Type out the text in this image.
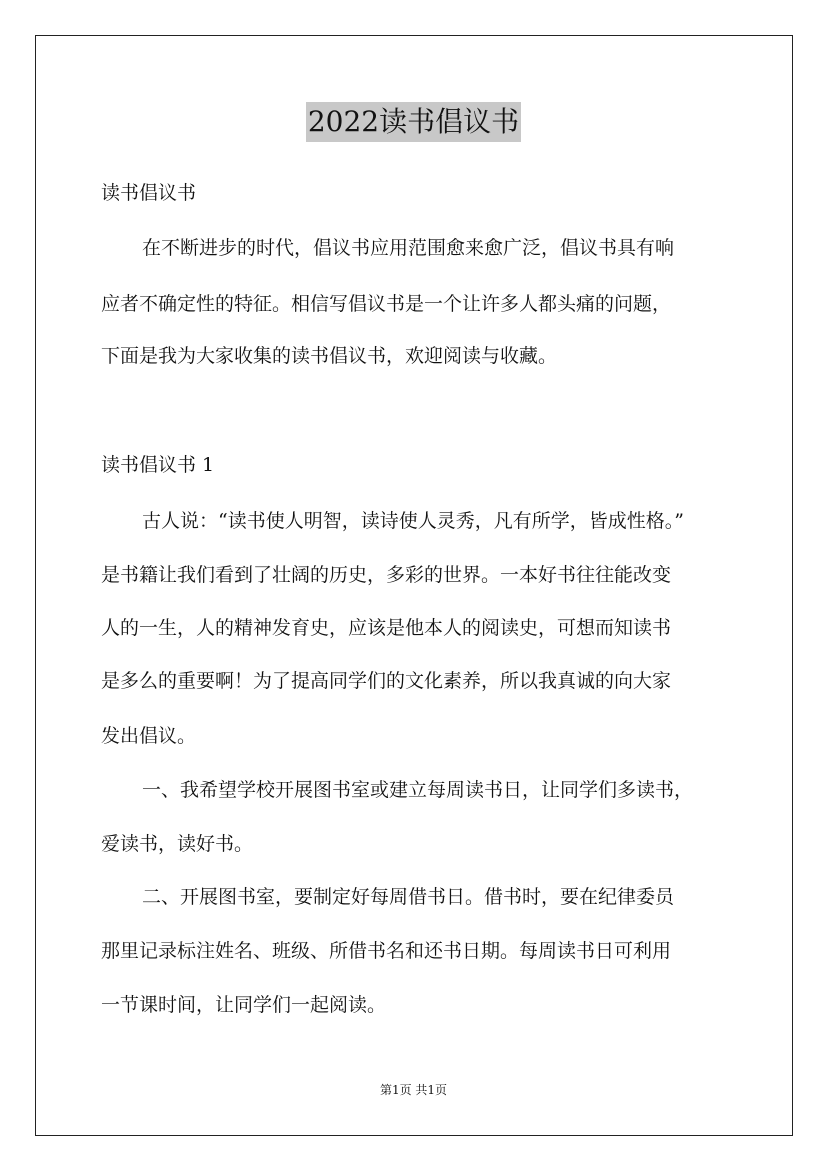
2022读书倡议书

读书倡议书

在不断进步的时代，倡议书应用范围愈来愈广泛，倡议书具有响

应者不确定性的特征。相信写倡议书是一个让许多人都头痛的问题，

下面是我为大家收集的读书倡议书，欢迎阅读与收藏。

读书倡议书 1

古人说：“读书使人明智，读诗使人灵秀，凡有所学，皆成性格。”

是书籍让我们看到了壮阔的历史，多彩的世界。一本好书往往能改变

人的一生，人的精神发育史，应该是他本人的阅读史，可想而知读书

是多么的重要啊！为了提高同学们的文化素养，所以我真诚的向大家

发出倡议。

一、我希望学校开展图书室或建立每周读书日，让同学们多读书，

爱读书，读好书。

二、开展图书室，要制定好每周借书日。借书时，要在纪律委员

那里记录标注姓名、班级、所借书名和还书日期。每周读书日可利用

一节课时间，让同学们一起阅读。

第1页 共1页
